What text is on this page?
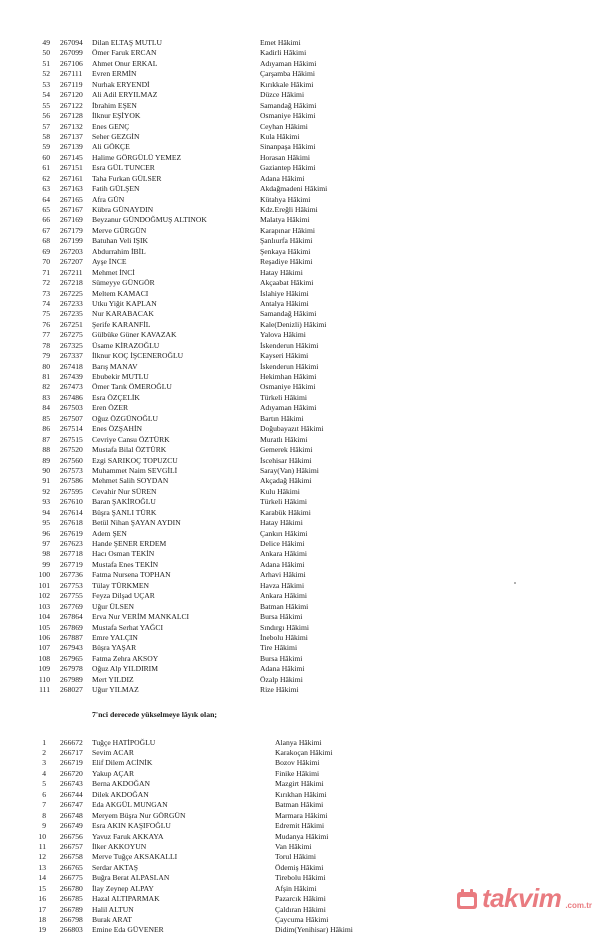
49 267094 Dilan ELTAŞ MUTLU	Emet Hâkimi
50 267099 Ömer Faruk ERCAN	Kadirli Hâkimi
51 267106 Ahmet Onur ERKAL	Adıyaman Hâkimi
52 267111 Evren ERMİN	Çarşamba Hâkimi
53 267119 Nurhak ERYENDİ	Kırıkkale Hâkimi
54 267120 Ali Adil ERYILMAZ	Düzce Hâkimi
55 267122 İbrahim EŞEN	Samandağ Hâkimi
56 267128 İlknur EŞİYOK	Osmaniye Hâkimi
57 267132 Enes GENÇ	Ceyhan Hâkimi
58 267137 Seher GEZGİN	Kula Hâkimi
59 267139 Ali GÖKÇE	Sinanpaşa Hâkimi
60 267145 Halime GÖRGÜLÜ YEMEZ	Horasan Hâkimi
61 267151 Esra GÜL TUNCER	Gaziantep Hâkimi
62 267161 Taha Furkan GÜLSER	Adana Hâkimi
63 267163 Fatih GÜLŞEN	Akdağmadeni Hâkimi
64 267165 Afra GÜN	Kütahya Hâkimi
65 267167 Kübra GÜNAYDIN	Kdz.Ereğli Hâkimi
66 267169 Beyzanur GÜNDOĞMUŞ ALTINOK	Malatya Hâkimi
67 267179 Merve GÜRGÜN	Karapınar Hâkimi
68 267199 Batuhan Veli IŞIK	Şanlıurfa Hâkimi
69 267203 Abdurrahim İBİL	Şenkaya Hâkimi
70 267207 Ayşe İNCE	Reşadiye Hâkimi
71 267211 Mehmet İNCİ	Hatay Hâkimi
72 267218 Sümeyye GÜNGÖR	Akçaabat Hâkimi
73 267225 Meltem KAMACI	İslahiye Hâkimi
74 267233 Utku Yiğit KAPLAN	Antalya Hâkimi
75 267235 Nur KARABACAK	Samandağ Hâkimi
76 267251 Şerife KARANFİL	Kale(Denizli) Hâkimi
77 267275 Gülbüke Güner KAVAZAK	Yalova Hâkimi
78 267325 Üsame KİRAZOĞLU	İskenderun Hâkimi
79 267337 İlknur KOÇ İŞCENEROĞLU	Kayseri Hâkimi
80 267418 Barış MANAV	İskenderun Hâkimi
81 267439 Ebubekir MUTLU	Hekimhan Hâkimi
82 267473 Ömer Tarık ÖMEROĞLU	Osmaniye Hâkimi
83 267486 Esra ÖZÇELİK	Türkeli Hâkimi
84 267503 Eren ÖZER	Adıyaman Hâkimi
85 267507 Oğuz ÖZGÜNOĞLU	Bartın Hâkimi
86 267514 Enes ÖZŞAHİN	Doğubayazıt Hâkimi
87 267515 Cevriye Cansu ÖZTÜRK	Muratlı Hâkimi
88 267520 Mustafa Bilal ÖZTÜRK	Gemerek Hâkimi
89 267560 Ezgi SARIKOÇ TOPUZCU	İscehisar Hâkimi
90 267573 Muhammet Naim SEVGİLİ	Saray(Van) Hâkimi
91 267586 Mehmet Salih SOYDAN	Akçadağ Hâkimi
92 267595 Cevahir Nur SÜREN	Kulu Hâkimi
93 267610 Baran ŞAKİROĞLU	Türkeli Hâkimi
94 267614 Büşra ŞANLI TÜRK	Karabük Hâkimi
95 267618 Betül Nihan ŞAYAN AYDIN	Hatay Hâkimi
96 267619 Adem ŞEN	Çankırı Hâkimi
97 267623 Hande ŞENER ERDEM	Delice Hâkimi
98 267718 Hacı Osman TEKİN	Ankara Hâkimi
99 267719 Mustafa Enes TEKİN	Adana Hâkimi
100 267736 Fatma Nursena TOPHAN	Arhavi Hâkimi
101 267753 Tülay TÜRKMEN	Havza Hâkimi
102 267755 Feyza Dilşad UÇAR	Ankara Hâkimi
103 267769 Uğur ÜLSEN	Batman Hâkimi
104 267864 Erva Nur VERİM MANKALCI	Bursa Hâkimi
105 267869 Mustafa Serhat YAĞCI	Sındırgı Hâkimi
106 267887 Emre YALÇIN	İnebolu Hâkimi
107 267943 Büşra YAŞAR	Tire Hâkimi
108 267965 Fatma Zehra AKSOY	Bursa Hâkimi
109 267978 Oğuz Alp YILDIRIM	Adana Hâkimi
110 267989 Mert YILDIZ	Özalp Hâkimi
111 268027 Uğur YILMAZ	Rize Hâkimi
7'nci derecede yükselmeye lâyık olan;
1 266672 Tuğçe HATİPOĞLU	Alanya Hâkimi
2 266717 Sevim ACAR	Karakoçan Hâkimi
3 266719 Elif Dilem ACİNİK	Bozov Hâkimi
4 266720 Yakup AÇAR	Finike Hâkimi
5 266743 Berna AKDOĞAN	Mazgirt Hâkimi
6 266744 Dilek AKDOĞAN	Kırıkhan Hâkimi
7 266747 Eda AKGÜL MUNGAN	Batman Hâkimi
8 266748 Meryem Büşra Nur GÖRGÜN	Marmara Hâkimi
9 266749 Esra AKIN KAŞIFOĞLU	Edremit Hâkimi
10 266756 Yavuz Faruk AKKAYA	Mudanya Hâkimi
11 266757 İlker AKKOYUN	Van Hâkimi
12 266758 Merve Tuğçe AKSAKALLI	Torul Hâkimi
13 266765 Serdar AKTAŞ	Ödemiş Hâkimi
14 266775 Buğra Berat ALPASLAN	Tirebolu Hâkimi
15 266780 İlay Zeynep ALPAY	Afşin Hâkimi
16 266785 Hazal ALTIPARMAK	Pazarcık Hâkimi
17 266789 Halil ALTUN	Çaldıran Hâkimi
18 266798 Burak ARAT	Çaycuma Hâkimi
19 266803 Emine Eda GÜVENER	Didim(Yenihisar) Hâkimi
takvim .com.tr
